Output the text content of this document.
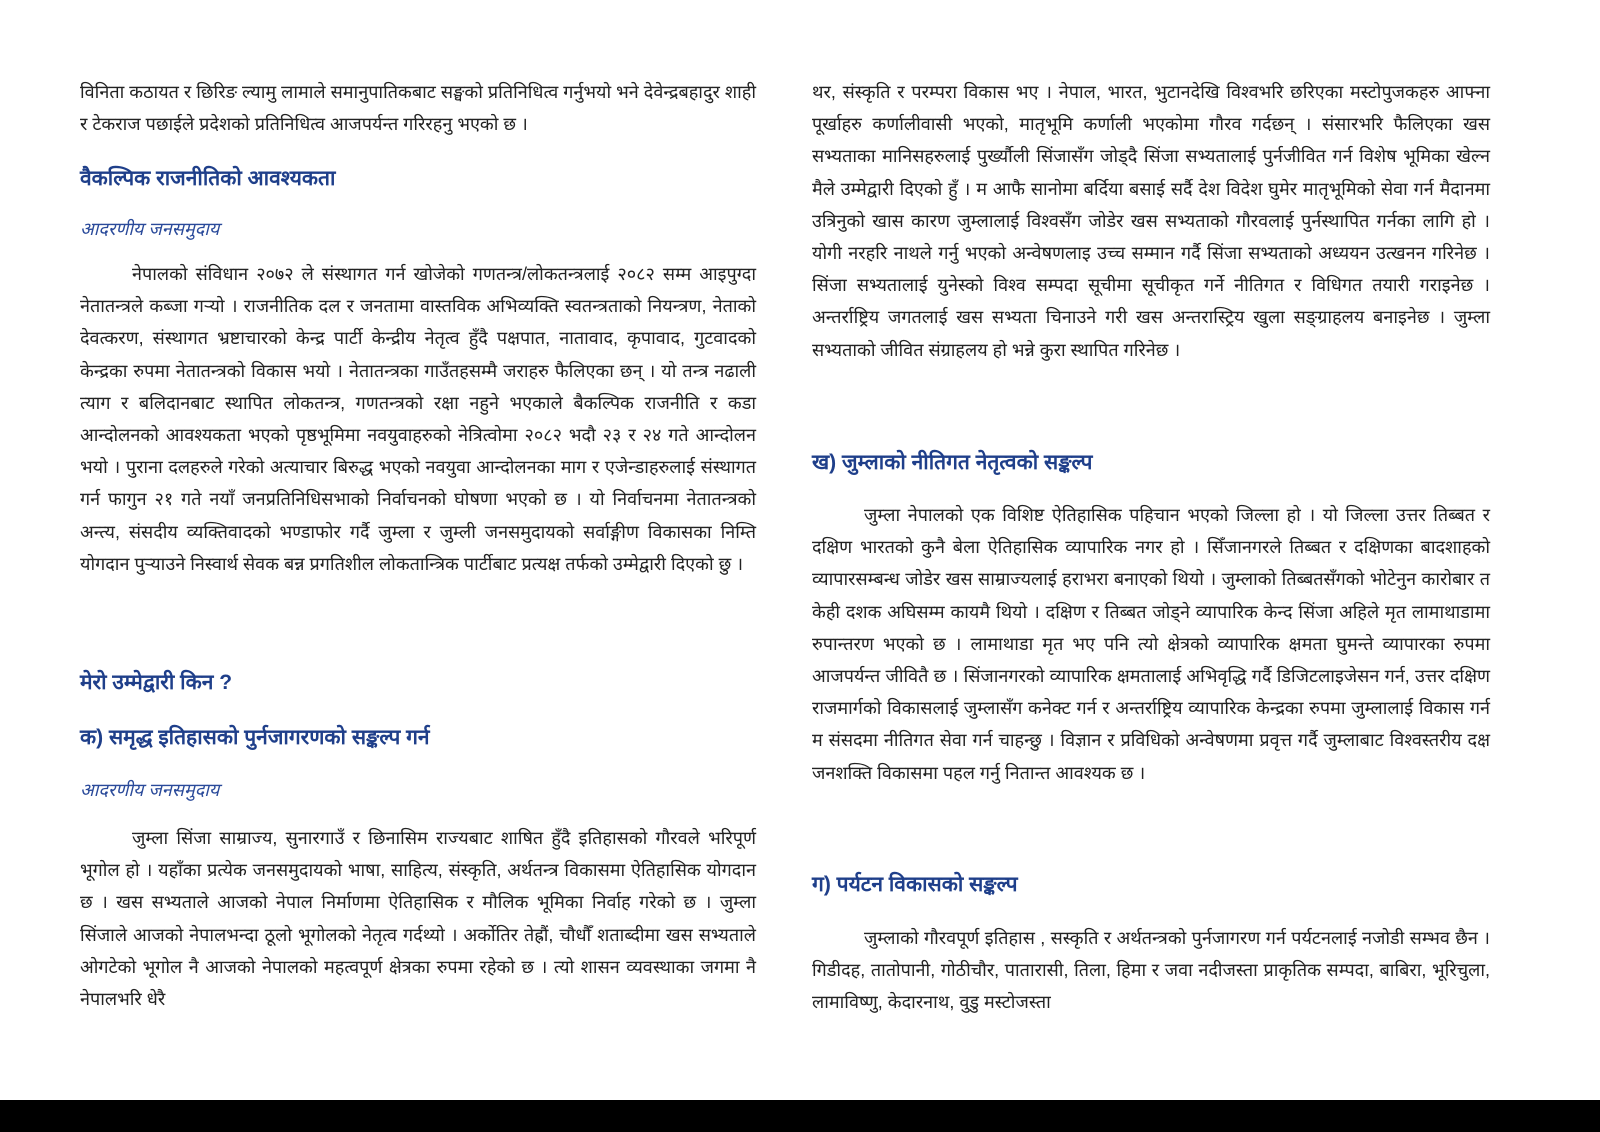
विनिता कठायत र छिरिङ ल्यामु लामाले समानुपातिकबाट सङ्घको प्रतिनिधित्व गर्नुभयो भने देवेन्द्रबहादुर शाही र टेकराज पछाईले प्रदेशको प्रतिनिधित्व आजपर्यन्त गरिरहनु भएको छ ।

वैकल्पिक राजनीतिको आवश्यकता
आदरणीय जनसमुदाय

नेपालको संविधान २०७२ ले संस्थागत गर्न खोजेको गणतन्त्र/लोकतन्त्रलाई २०८२ सम्म आइपुग्दा नेतातन्त्रले कब्जा गर्‍यो । राजनीतिक दल र जनतामा वास्तविक अभिव्यक्ति स्वतन्त्रताको नियन्त्रण, नेताको देवत्करण, संस्थागत भ्रष्टाचारको केन्द्र पार्टी केन्द्रीय नेतृत्व हुँदै पक्षपात, नातावाद, कृपावाद, गुटवादको केन्द्रका रुपमा नेतातन्त्रको विकास भयो । नेतातन्त्रका गाउँतहसम्मै जराहरु फैलिएका छन् । यो तन्त्र नढाली त्याग र बलिदानबाट स्थापित लोकतन्त्र, गणतन्त्रको रक्षा नहुने भएकाले बैकल्पिक राजनीति र कडा आन्दोलनको आवश्यकता भएको पृष्ठभूमिमा नवयुवाहरुको नेत्रित्वोमा २०८२ भदौ २३ र २४ गते आन्दोलन भयो । पुराना दलहरुले गरेको अत्याचार बिरुद्ध भएको नवयुवा आन्दोलनका माग र एजेन्डाहरुलाई संस्थागत गर्न फागुन २१ गते नयाँ जनप्रतिनिधिसभाको निर्वाचनको घोषणा भएको छ । यो निर्वाचनमा नेतातन्त्रको अन्त्य, संसदीय व्यक्तिवादको भण्डाफोर गर्दै जुम्ला र जुम्ली जनसमुदायको सर्वाङ्गीण विकासका निम्ति योगदान पुर्‍याउने निस्वार्थ सेवक बन्न प्रगतिशील लोकतान्त्रिक पार्टीबाट प्रत्यक्ष तर्फको उम्मेद्वारी दिएको छु ।

मेरो उम्मेद्वारी किन ?
क) समृद्ध इतिहासको पुर्नजागरणको सङ्कल्प गर्न
आदरणीय जनसमुदाय

जुम्ला सिंजा साम्राज्य, सुनारगाउँ र छिनासिम राज्यबाट शाषित हुँदै इतिहासको गौरवले भरिपूर्ण भूगोल हो । यहाँका प्रत्येक जनसमुदायको भाषा, साहित्य, संस्कृति, अर्थतन्त्र विकासमा ऐतिहासिक योगदान छ । खस सभ्यताले आजको नेपाल निर्माणमा ऐतिहासिक र मौलिक भूमिका निर्वाह गरेको छ । जुम्ला सिंजाले आजको नेपालभन्दा ठूलो भूगोलको नेतृत्व गर्दथ्यो । अर्कोतिर तेह्रौं, चौधौँ शताब्दीमा खस सभ्यताले ओगटेको भूगोल नै आजको नेपालको महत्वपूर्ण क्षेत्रका रुपमा रहेको छ । त्यो शासन व्यवस्थाका जगमा नै नेपालभरि धेरै

थर, संस्कृति र परम्परा विकास भए । नेपाल, भारत, भुटानदेखि विश्वभरि छरिएका मस्टोपुजकहरु आफ्ना पूर्खाहरु कर्णालीवासी भएको, मातृभूमि कर्णाली भएकोमा गौरव गर्दछन् । संसारभरि फैलिएका खस सभ्यताका मानिसहरुलाई पुर्ख्यौली सिंजासँग जोड्दै सिंजा सभ्यतालाई पुर्नजीवित गर्न विशेष भूमिका खेल्न मैले उम्मेद्वारी दिएको हुँ । म आफै सानोमा बर्दिया बसाई सर्दै देश विदेश घुमेर मातृभूमिको सेवा गर्न मैदानमा उत्रिनुको खास कारण जुम्लालाई विश्वसँग जोडेर खस सभ्यताको गौरवलाई पुर्नस्थापित गर्नका लागि हो । योगी नरहरि नाथले गर्नु भएको अन्वेषणलाइ उच्च सम्मान गर्दै सिंजा सभ्यताको अध्ययन उत्खनन गरिनेछ । सिंजा सभ्यतालाई युनेस्को विश्व सम्पदा सूचीमा सूचीकृत गर्ने नीतिगत र विधिगत तयारी गराइनेछ । अन्तर्राष्ट्रिय जगतलाई खस सभ्यता चिनाउने गरी खस अन्तरास्ट्रिय खुला सङ्ग्राहलय बनाइनेछ । जुम्ला सभ्यताको जीवित संग्राहलय हो भन्ने कुरा स्थापित गरिनेछ ।

ख) जुम्लाको नीतिगत नेतृत्वको सङ्कल्प

जुम्ला नेपालको एक विशिष्ट ऐतिहासिक पहिचान भएको जिल्ला हो । यो जिल्ला उत्तर तिब्बत र दक्षिण भारतको कुनै बेला ऐतिहासिक व्यापारिक नगर हो । सिँजानगरले तिब्बत र दक्षिणका बादशाहको व्यापारसम्बन्ध जोडेर खस साम्राज्यलाई हराभरा बनाएको थियो । जुम्लाको तिब्बतसँगको भोटेनुन कारोबार त केही दशक अघिसम्म कायमै थियो । दक्षिण र तिब्बत जोड्ने व्यापारिक केन्द सिंजा अहिले मृत लामाथाडामा रुपान्तरण भएको छ । लामाथाडा मृत भए पनि त्यो क्षेत्रको व्यापारिक क्षमता घुमन्ते व्यापारका रुपमा आजपर्यन्त जीवितै छ । सिंजानगरको व्यापारिक क्षमतालाई अभिवृद्धि गर्दै डिजिटलाइजेसन गर्न, उत्तर दक्षिण राजमार्गको विकासलाई जुम्लासँग कनेक्ट गर्न र अन्तर्राष्ट्रिय व्यापारिक केन्द्रका रुपमा जुम्लालाई विकास गर्न म संसदमा नीतिगत सेवा गर्न चाहन्छु । विज्ञान र प्रविधिको अन्वेषणमा प्रवृत्त गर्दै जुम्लाबाट विश्वस्तरीय दक्ष जनशक्ति विकासमा पहल गर्नु नितान्त आवश्यक छ ।

ग) पर्यटन विकासको सङ्कल्प

जुम्लाको गौरवपूर्ण इतिहास , सस्कृति र अर्थतन्त्रको पुर्नजागरण गर्न पर्यटनलाई नजोडी सम्भव छैन । गिडीदह, तातोपानी, गोठीचौर, पातारासी, तिला, हिमा र जवा नदीजस्ता प्राकृतिक सम्पदा, बाबिरा, भूरिचुला, लामाविष्णु, केदारनाथ, वुडु मस्टोजस्ता
